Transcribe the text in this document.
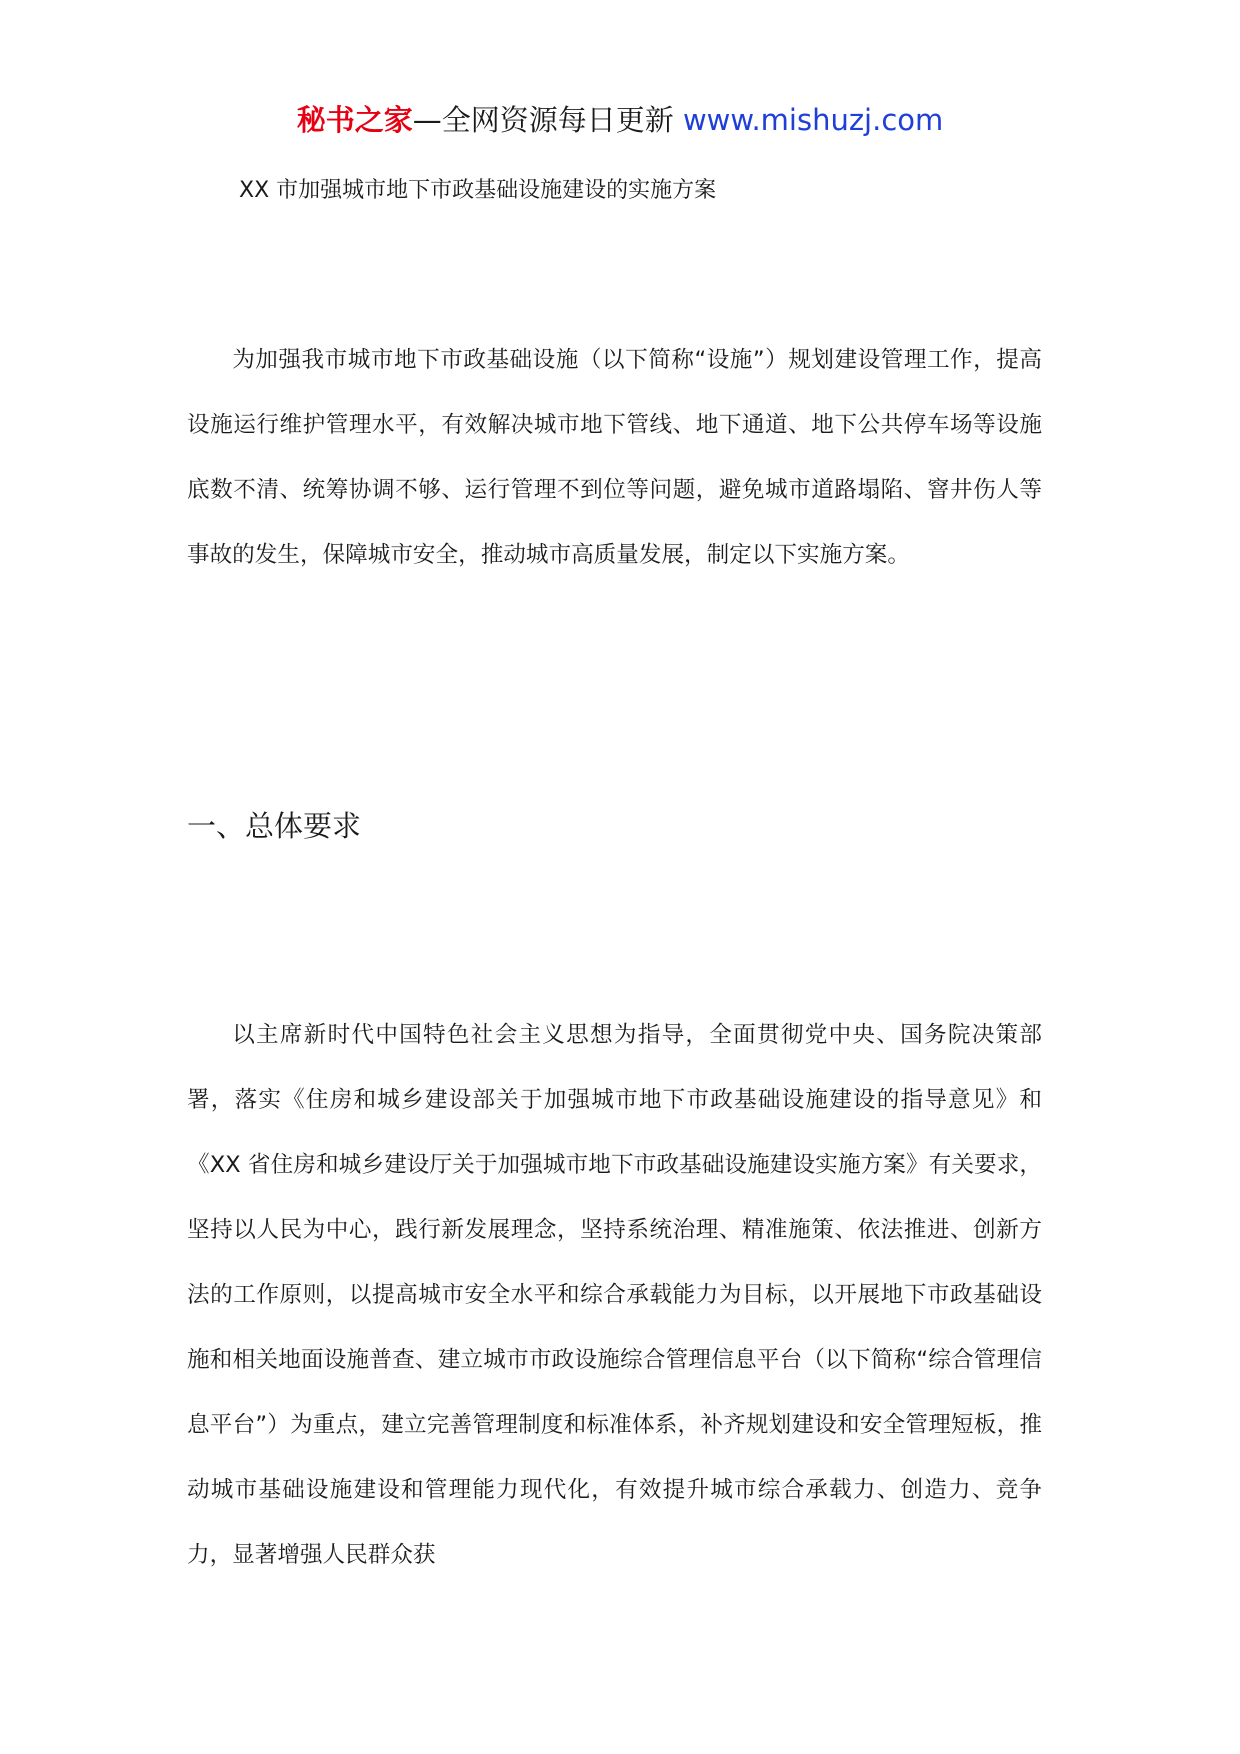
秘书之家—全网资源每日更新 www.mishuzj.com
XX 市加强城市地下市政基础设施建设的实施方案

为加强我市城市地下市政基础设施（以下简称“设施”）规划建设管理工作，提高设施运行维护管理水平，有效解决城市地下管线、地下通道、地下公共停车场等设施底数不清、统筹协调不够、运行管理不到位等问题，避免城市道路塌陷、窨井伤人等事故的发生，保障城市安全，推动城市高质量发展，制定以下实施方案。

一、总体要求

以主席新时代中国特色社会主义思想为指导，全面贯彻党中央、国务院决策部署，落实《住房和城乡建设部关于加强城市地下市政基础设施建设的指导意见》和《XX 省住房和城乡建设厅关于加强城市地下市政基础设施建设实施方案》有关要求，坚持以人民为中心，践行新发展理念，坚持系统治理、精准施策、依法推进、创新方法的工作原则，以提高城市安全水平和综合承载能力为目标，以开展地下市政基础设施和相关地面设施普查、建立城市市政设施综合管理信息平台（以下简称“综合管理信息平台”）为重点，建立完善管理制度和标准体系，补齐规划建设和安全管理短板，推动城市基础设施建设和管理能力现代化，有效提升城市综合承载力、创造力、竞争力，显著增强人民群众获
